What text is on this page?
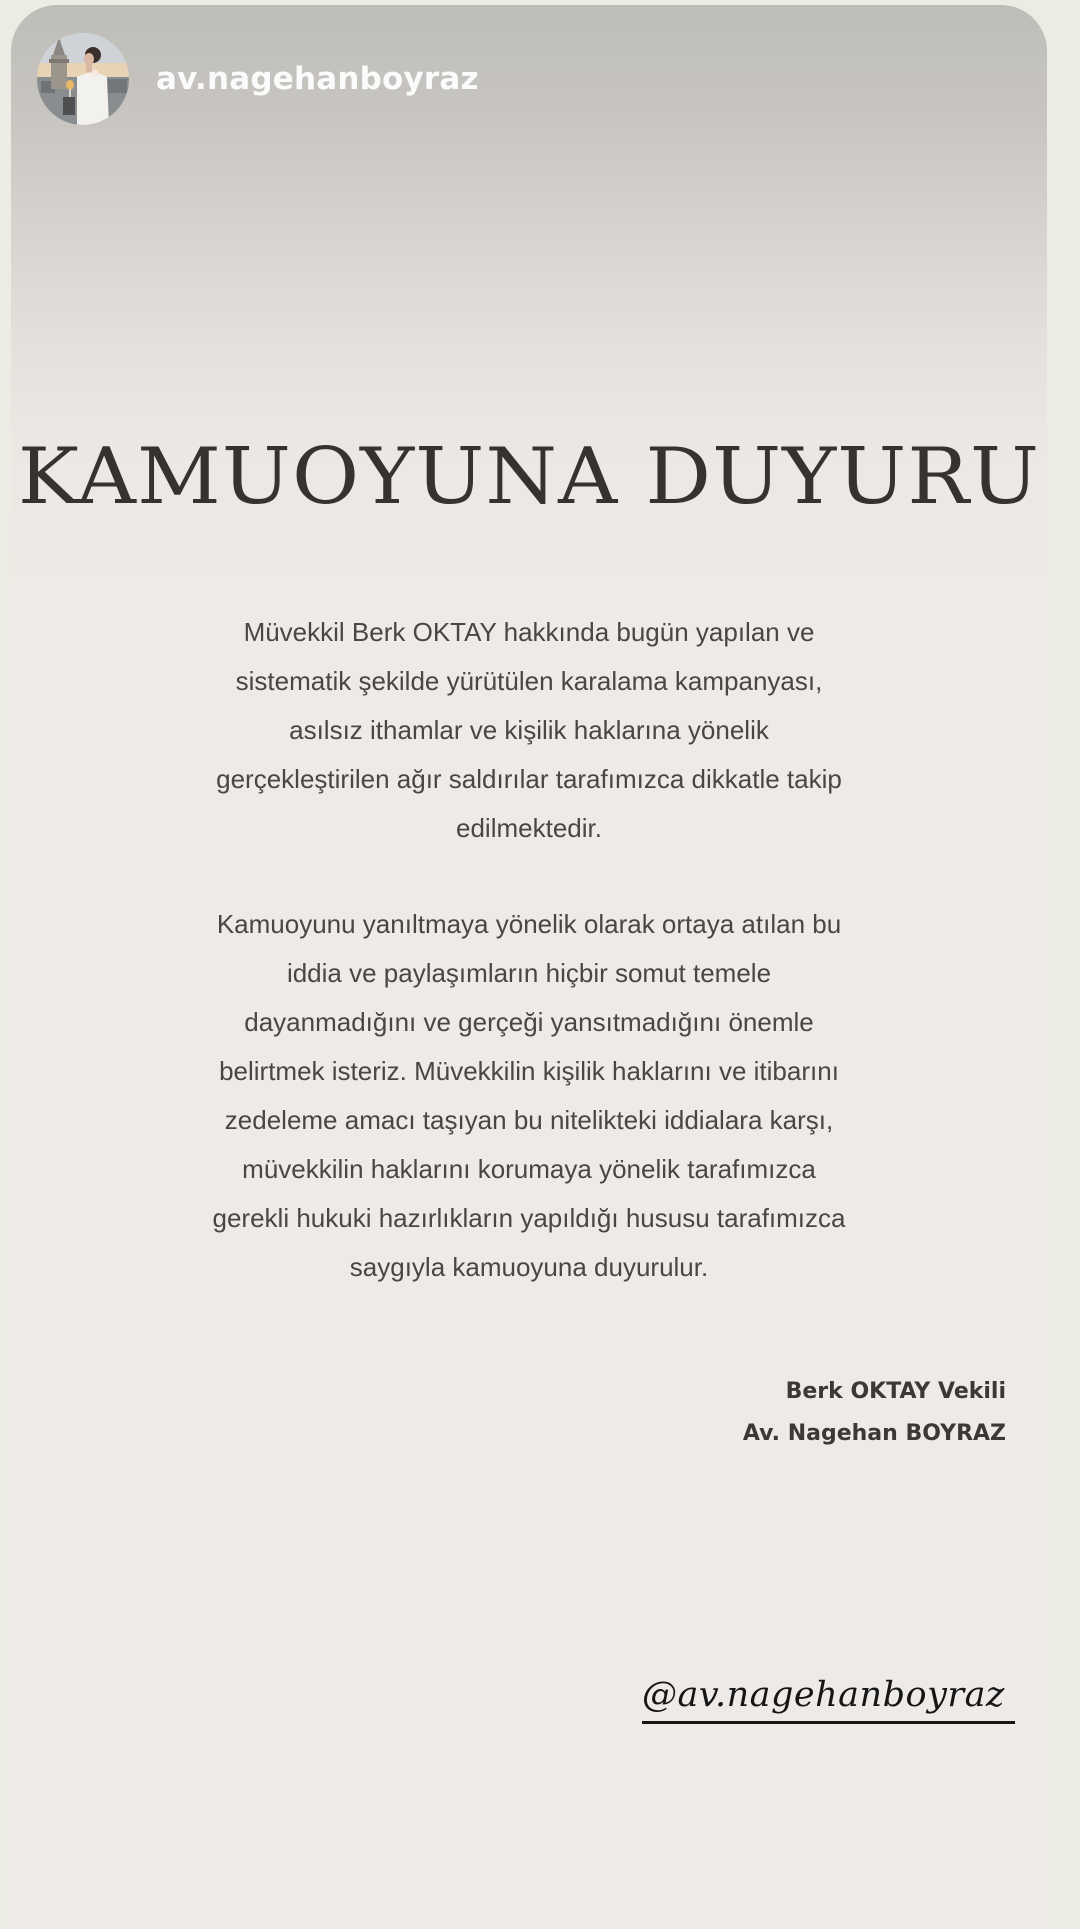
av.nagehanboyraz
KAMUOYUNA DUYURU
Müvekkil Berk OKTAY hakkında bugün yapılan ve
sistematik şekilde yürütülen karalama kampanyası,
asılsız ithamlar ve kişilik haklarına yönelik
gerçekleştirilen ağır saldırılar tarafımızca dikkatle takip
edilmektedir.
Kamuoyunu yanıltmaya yönelik olarak ortaya atılan bu
iddia ve paylaşımların hiçbir somut temele
dayanmadığını ve gerçeği yansıtmadığını önemle
belirtmek isteriz. Müvekkilin kişilik haklarını ve itibarını
zedeleme amacı taşıyan bu nitelikteki iddialara karşı,
müvekkilin haklarını korumaya yönelik tarafımızca
gerekli hukuki hazırlıkların yapıldığı hususu tarafımızca
saygıyla kamuoyuna duyurulur.
Berk OKTAY Vekili
Av. Nagehan BOYRAZ
@av.nagehanboyraz
